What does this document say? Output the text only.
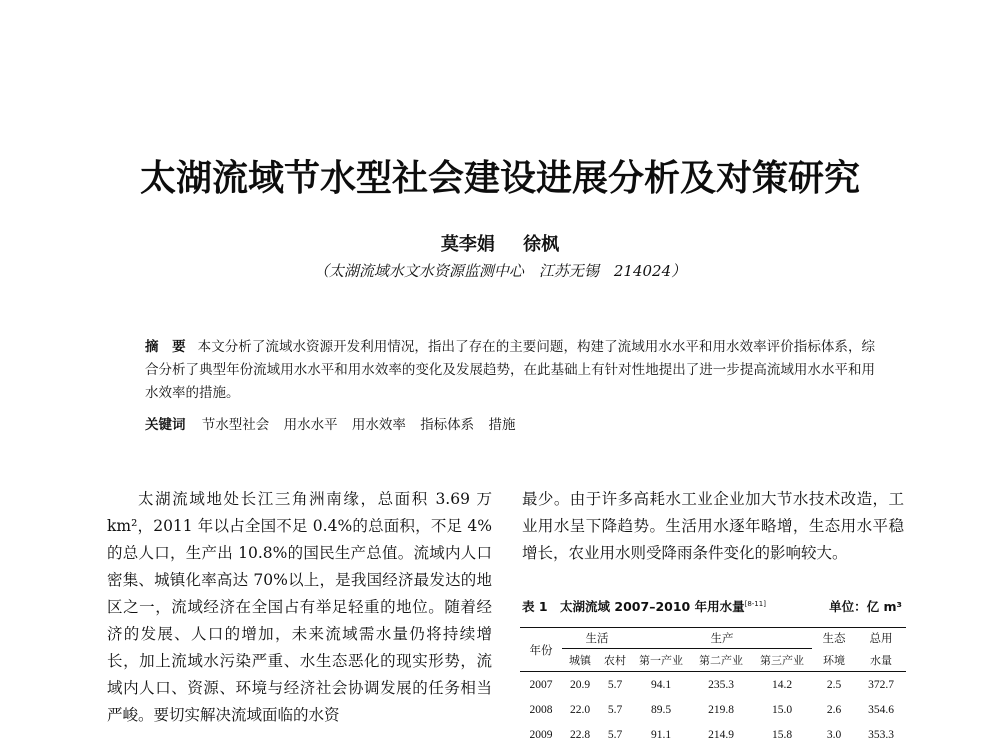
太湖流域节水型社会建设进展分析及对策研究
莫李娟 徐枫
（太湖流域水文水资源监测中心　江苏无锡　214024）
摘　要 本文分析了流域水资源开发利用情况，指出了存在的主要问题，构建了流域用水水平和用水效率评价指标体系，综合分析了典型年份流域用水水平和用水效率的变化及发展趋势，在此基础上有针对性地提出了进一步提高流域用水水平和用水效率的措施。
关键词 节水型社会 用水水平 用水效率 指标体系 措施
太湖流域地处长江三角洲南缘，总面积 3.69 万 km²，2011 年以占全国不足 0.4%的总面积，不足 4%的总人口，生产出 10.8%的国民生产总值。流域内人口密集、城镇化率高达 70%以上，是我国经济最发达的地区之一，流域经济在全国占有举足轻重的地位。随着经济的发展、人口的增加，未来流域需水量仍将持续增长，加上流域水污染严重、水生态恶化的现实形势，流域内人口、资源、环境与经济社会协调发展的任务相当严峻。要切实解决流域面临的水资
最少。由于许多高耗水工业企业加大节水技术改造，工业用水呈下降趋势。生活用水逐年略增，生态用水平稳增长，农业用水则受降雨条件变化的影响较大。
表 1　太湖流域 2007–2010 年用水量[8-11]	单位：亿 m³
年份	生活		生产			生态	总用
	城镇	农村	第一产业	第二产业	第三产业	环境	水量
2007	20.9	5.7	94.1	235.3	14.2	2.5	372.7
2008	22.0	5.7	89.5	219.8	15.0	2.6	354.6
2009	22.8	5.7	91.1	214.9	15.8	3.0	353.3
